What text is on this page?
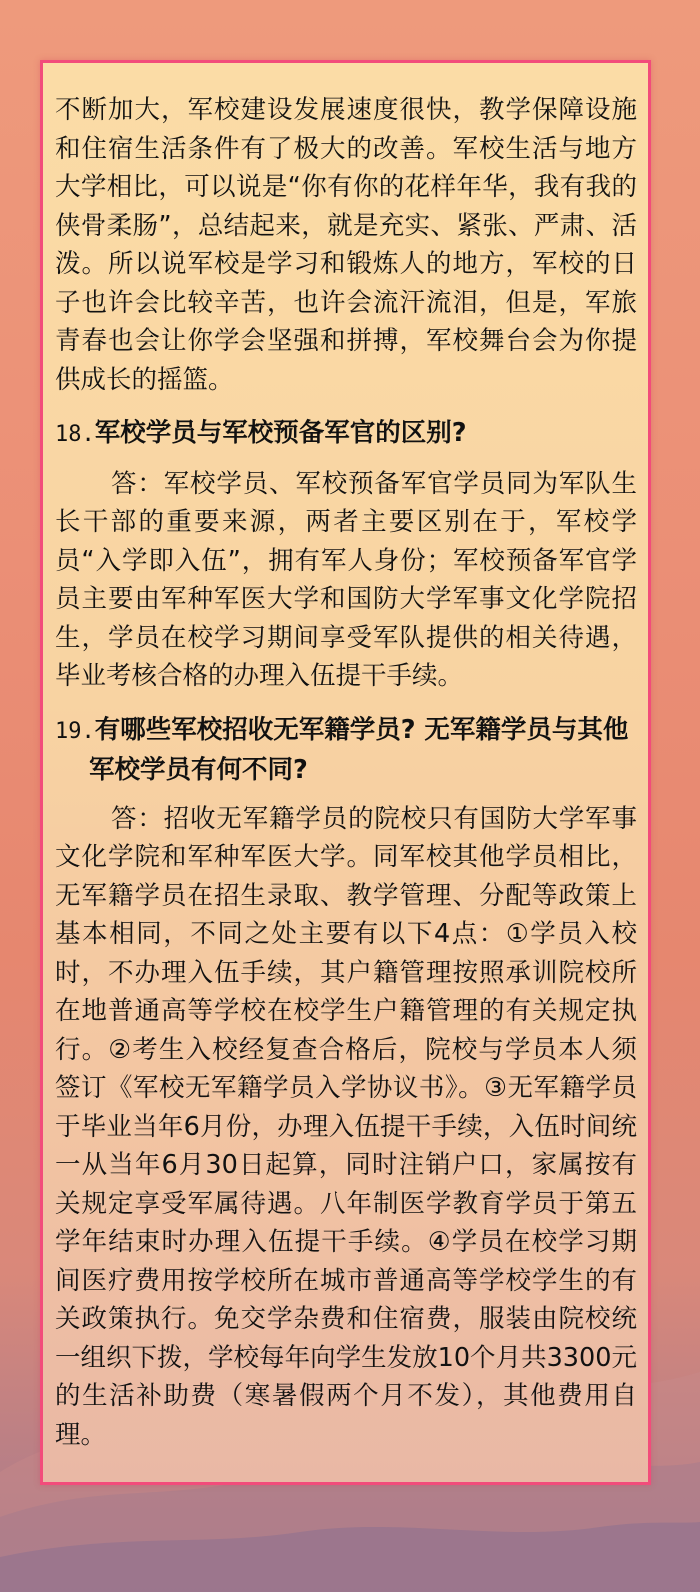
不断加大，军校建设发展速度很快，教学保障设施和住宿生活条件有了极大的改善。军校生活与地方大学相比，可以说是“你有你的花样年华，我有我的侠骨柔肠”，总结起来，就是充实、紧张、严肃、活泼。所以说军校是学习和锻炼人的地方，军校的日子也许会比较辛苦，也许会流汗流泪，但是，军旅青春也会让你学会坚强和拼搏，军校舞台会为你提供成长的摇篮。

18.军校学员与军校预备军官的区别?

答：军校学员、军校预备军官学员同为军队生长干部的重要来源，两者主要区别在于，军校学员“入学即入伍”，拥有军人身份；军校预备军官学员主要由军种军医大学和国防大学军事文化学院招生，学员在校学习期间享受军队提供的相关待遇，毕业考核合格的办理入伍提干手续。

19.有哪些军校招收无军籍学员? 无军籍学员与其他军校学员有何不同?

答：招收无军籍学员的院校只有国防大学军事文化学院和军种军医大学。同军校其他学员相比，无军籍学员在招生录取、教学管理、分配等政策上基本相同，不同之处主要有以下4点：①学员入校时，不办理入伍手续，其户籍管理按照承训院校所在地普通高等学校在校学生户籍管理的有关规定执行。②考生入校经复查合格后，院校与学员本人须签订《军校无军籍学员入学协议书》。③无军籍学员于毕业当年6月份，办理入伍提干手续，入伍时间统一从当年6月30日起算，同时注销户口，家属按有关规定享受军属待遇。八年制医学教育学员于第五学年结束时办理入伍提干手续。④学员在校学习期间医疗费用按学校所在城市普通高等学校学生的有关政策执行。免交学杂费和住宿费，服装由院校统一组织下拨，学校每年向学生发放10个月共3300元的生活补助费（寒暑假两个月不发），其他费用自理。
